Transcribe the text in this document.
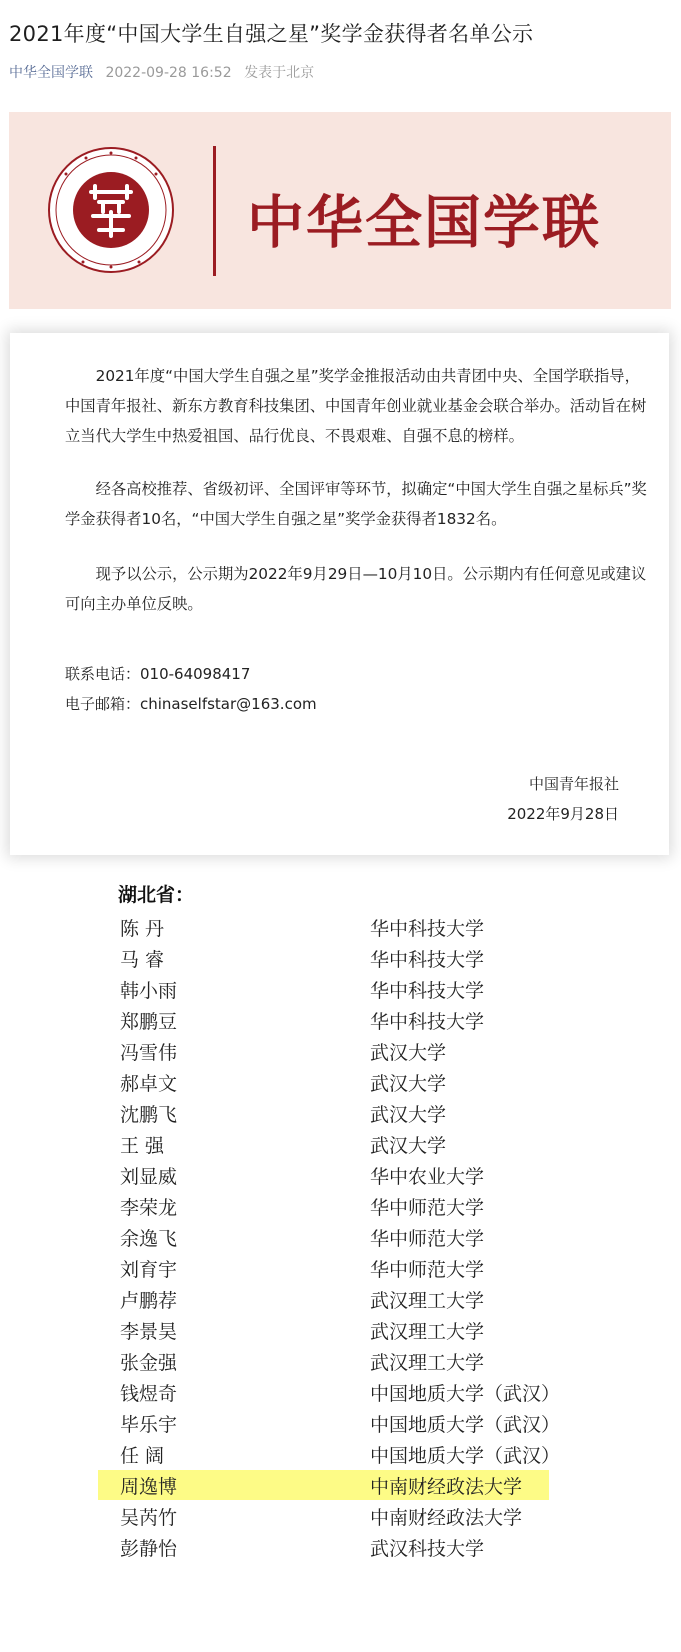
2021年度“中国大学生自强之星”奖学金获得者名单公示
中华全国学联 2022-09-28 16:52 发表于北京
中华全国学联

2021年度“中国大学生自强之星”奖学金推报活动由共青团中央、全国学联指导，中国青年报社、新东方教育科技集团、中国青年创业就业基金会联合举办。活动旨在树立当代大学生中热爱祖国、品行优良、不畏艰难、自强不息的榜样。

经各高校推荐、省级初评、全国评审等环节，拟确定“中国大学生自强之星标兵”奖学金获得者10名，“中国大学生自强之星”奖学金获得者1832名。

现予以公示，公示期为2022年9月29日—10月10日。公示期内有任何意见或建议可向主办单位反映。

联系电话：010-64098417
电子邮箱：chinaselfstar@163.com
中国青年报社
2022年9月28日
湖北省：
陈 丹	华中科技大学
马 睿	华中科技大学
韩小雨	华中科技大学
郑鹏豆	华中科技大学
冯雪伟	武汉大学
郝卓文	武汉大学
沈鹏飞	武汉大学
王 强	武汉大学
刘显威	华中农业大学
李荣龙	华中师范大学
余逸飞	华中师范大学
刘育宇	华中师范大学
卢鹏荐	武汉理工大学
李景昊	武汉理工大学
张金强	武汉理工大学
钱煜奇	中国地质大学（武汉）
毕乐宇	中国地质大学（武汉）
任 阔	中国地质大学（武汉）
周逸博	中南财经政法大学
吴芮竹	中南财经政法大学
彭静怡	武汉科技大学
